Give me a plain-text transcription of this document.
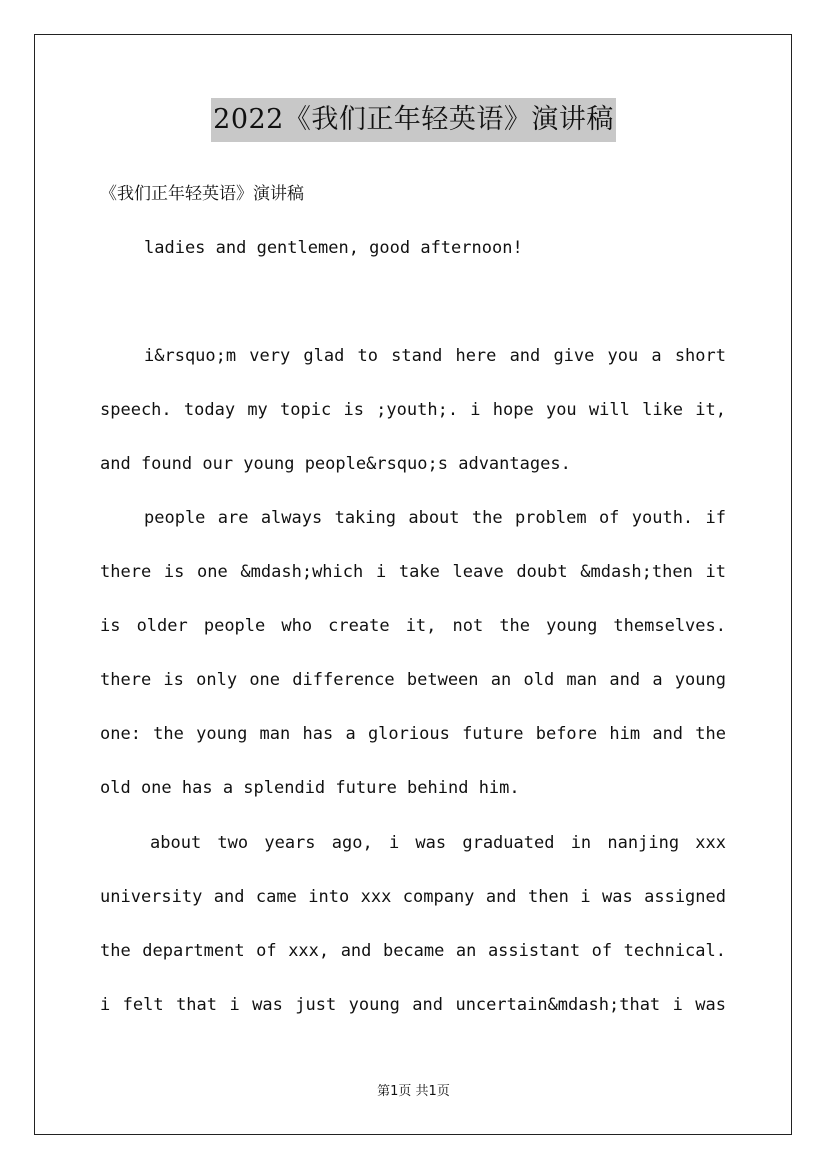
2022《我们正年轻英语》演讲稿
《我们正年轻英语》演讲稿
ladies and gentlemen, good afternoon!
i&rsquo;m very glad to stand here and give you a short
speech. today my topic is ;youth;. i hope you will like it,
and found our young people&rsquo;s advantages.
people are always taking about the problem of youth. if
there is one &mdash;which i take leave doubt &mdash;then it
is older people who create it, not the young themselves.
there is only one difference between an old man and a young
one: the young man has a glorious future before him and the
old one has a splendid future behind him.
about two years ago, i was graduated in nanjing xxx
university and came into xxx company and then i was assigned
the department of xxx, and became an assistant of technical.
i felt that i was just young and uncertain&mdash;that i was
第1页 共1页
